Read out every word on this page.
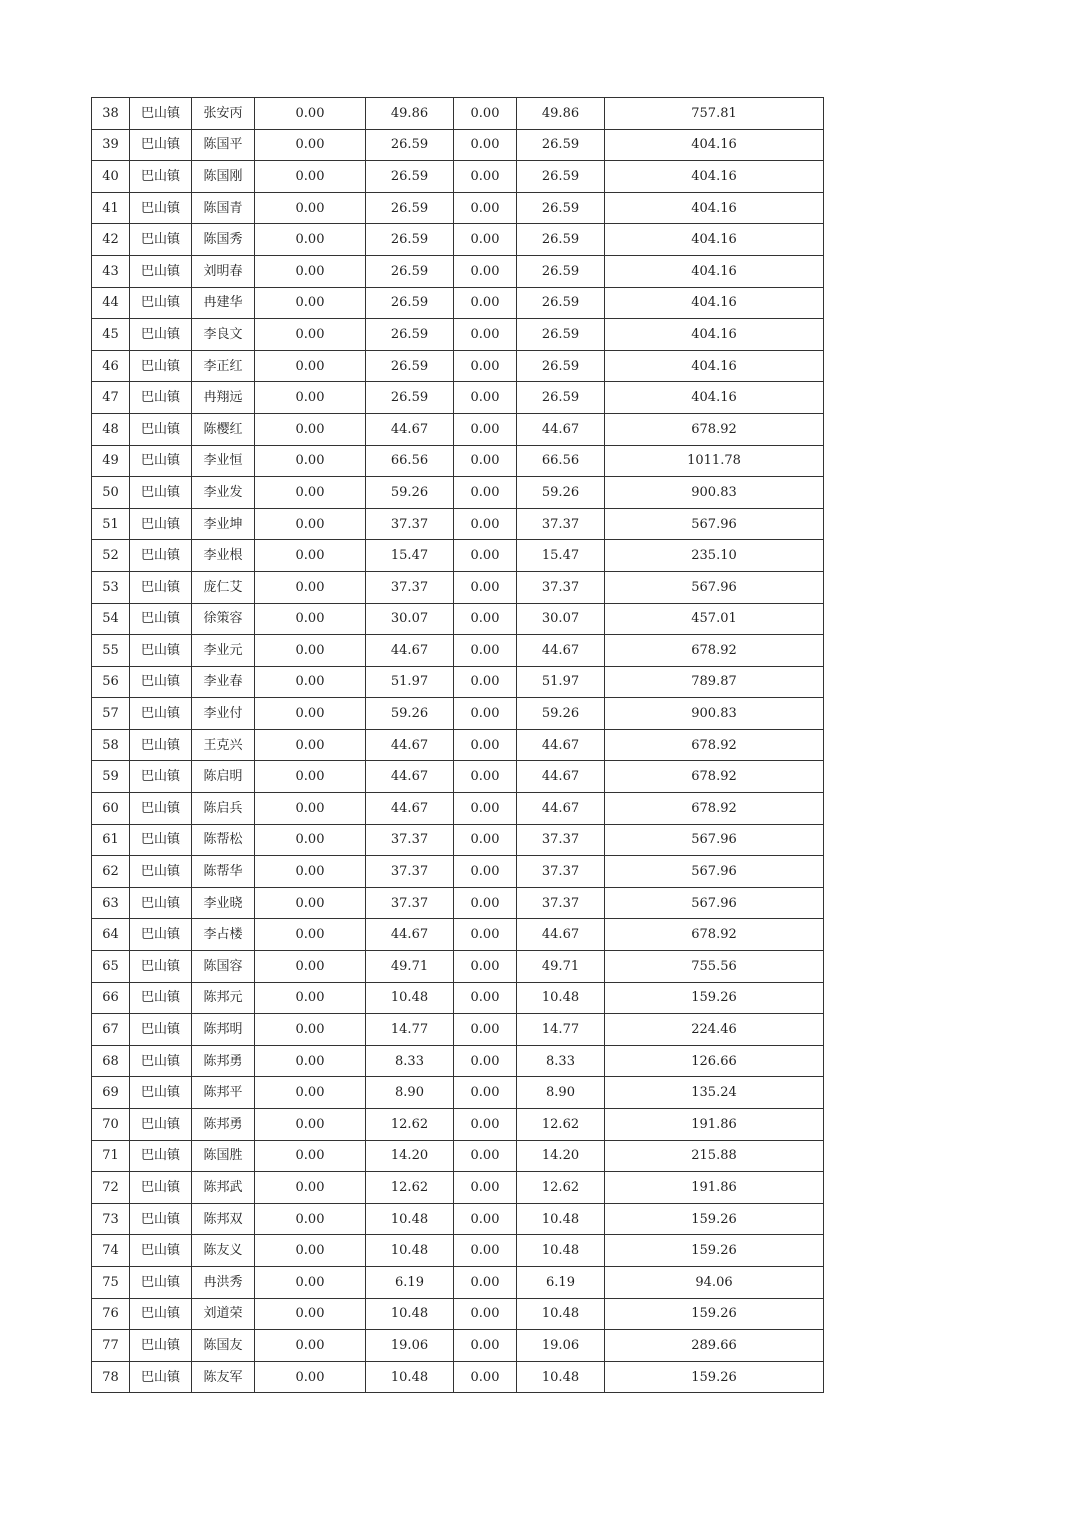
38	巴山镇	张安丙	0.00	49.86	0.00	49.86	757.81
39	巴山镇	陈国平	0.00	26.59	0.00	26.59	404.16
40	巴山镇	陈国刚	0.00	26.59	0.00	26.59	404.16
41	巴山镇	陈国青	0.00	26.59	0.00	26.59	404.16
42	巴山镇	陈国秀	0.00	26.59	0.00	26.59	404.16
43	巴山镇	刘明春	0.00	26.59	0.00	26.59	404.16
44	巴山镇	冉建华	0.00	26.59	0.00	26.59	404.16
45	巴山镇	李良文	0.00	26.59	0.00	26.59	404.16
46	巴山镇	李正红	0.00	26.59	0.00	26.59	404.16
47	巴山镇	冉翔远	0.00	26.59	0.00	26.59	404.16
48	巴山镇	陈樱红	0.00	44.67	0.00	44.67	678.92
49	巴山镇	李业恒	0.00	66.56	0.00	66.56	1011.78
50	巴山镇	李业发	0.00	59.26	0.00	59.26	900.83
51	巴山镇	李业坤	0.00	37.37	0.00	37.37	567.96
52	巴山镇	李业根	0.00	15.47	0.00	15.47	235.10
53	巴山镇	庞仁艾	0.00	37.37	0.00	37.37	567.96
54	巴山镇	徐策容	0.00	30.07	0.00	30.07	457.01
55	巴山镇	李业元	0.00	44.67	0.00	44.67	678.92
56	巴山镇	李业春	0.00	51.97	0.00	51.97	789.87
57	巴山镇	李业付	0.00	59.26	0.00	59.26	900.83
58	巴山镇	王克兴	0.00	44.67	0.00	44.67	678.92
59	巴山镇	陈启明	0.00	44.67	0.00	44.67	678.92
60	巴山镇	陈启兵	0.00	44.67	0.00	44.67	678.92
61	巴山镇	陈帮松	0.00	37.37	0.00	37.37	567.96
62	巴山镇	陈帮华	0.00	37.37	0.00	37.37	567.96
63	巴山镇	李业晓	0.00	37.37	0.00	37.37	567.96
64	巴山镇	李占楼	0.00	44.67	0.00	44.67	678.92
65	巴山镇	陈国容	0.00	49.71	0.00	49.71	755.56
66	巴山镇	陈邦元	0.00	10.48	0.00	10.48	159.26
67	巴山镇	陈邦明	0.00	14.77	0.00	14.77	224.46
68	巴山镇	陈邦勇	0.00	8.33	0.00	8.33	126.66
69	巴山镇	陈邦平	0.00	8.90	0.00	8.90	135.24
70	巴山镇	陈邦勇	0.00	12.62	0.00	12.62	191.86
71	巴山镇	陈国胜	0.00	14.20	0.00	14.20	215.88
72	巴山镇	陈邦武	0.00	12.62	0.00	12.62	191.86
73	巴山镇	陈邦双	0.00	10.48	0.00	10.48	159.26
74	巴山镇	陈友义	0.00	10.48	0.00	10.48	159.26
75	巴山镇	冉洪秀	0.00	6.19	0.00	6.19	94.06
76	巴山镇	刘道荣	0.00	10.48	0.00	10.48	159.26
77	巴山镇	陈国友	0.00	19.06	0.00	19.06	289.66
78	巴山镇	陈友军	0.00	10.48	0.00	10.48	159.26
